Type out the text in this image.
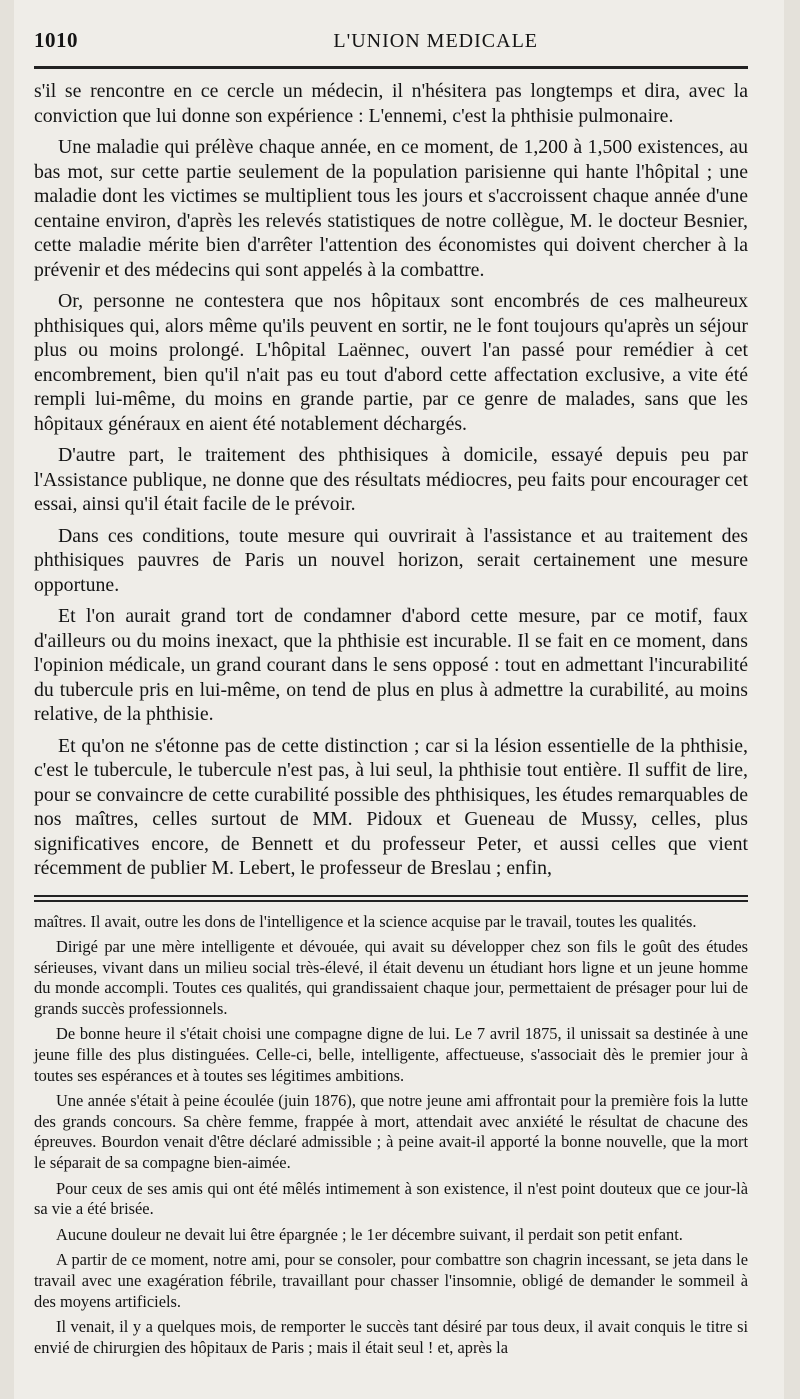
1010	L'UNION MEDICALE

s'il se rencontre en ce cercle un médecin, il n'hésitera pas longtemps et dira, avec la conviction que lui donne son expérience : L'ennemi, c'est la phthisie pulmonaire.

Une maladie qui prélève chaque année, en ce moment, de 1,200 à 1,500 existences, au bas mot, sur cette partie seulement de la population parisienne qui hante l'hôpital ; une maladie dont les victimes se multiplient tous les jours et s'accroissent chaque année d'une centaine environ, d'après les relevés statistiques de notre collègue, M. le docteur Besnier, cette maladie mérite bien d'arrêter l'attention des économistes qui doivent chercher à la prévenir et des médecins qui sont appelés à la combattre.

Or, personne ne contestera que nos hôpitaux sont encombrés de ces malheureux phthisiques qui, alors même qu'ils peuvent en sortir, ne le font toujours qu'après un séjour plus ou moins prolongé. L'hôpital Laënnec, ouvert l'an passé pour remédier à cet encombrement, bien qu'il n'ait pas eu tout d'abord cette affectation exclusive, a vite été rempli lui-même, du moins en grande partie, par ce genre de malades, sans que les hôpitaux généraux en aient été notablement déchargés.

D'autre part, le traitement des phthisiques à domicile, essayé depuis peu par l'Assistance publique, ne donne que des résultats médiocres, peu faits pour encourager cet essai, ainsi qu'il était facile de le prévoir.

Dans ces conditions, toute mesure qui ouvrirait à l'assistance et au traitement des phthisiques pauvres de Paris un nouvel horizon, serait certainement une mesure opportune.

Et l'on aurait grand tort de condamner d'abord cette mesure, par ce motif, faux d'ailleurs ou du moins inexact, que la phthisie est incurable. Il se fait en ce moment, dans l'opinion médicale, un grand courant dans le sens opposé : tout en admettant l'incurabilité du tubercule pris en lui-même, on tend de plus en plus à admettre la curabilité, au moins relative, de la phthisie.

Et qu'on ne s'étonne pas de cette distinction ; car si la lésion essentielle de la phthisie, c'est le tubercule, le tubercule n'est pas, à lui seul, la phthisie tout entière. Il suffit de lire, pour se convaincre de cette curabilité possible des phthisiques, les études remarquables de nos maîtres, celles surtout de MM. Pidoux et Gueneau de Mussy, celles, plus significatives encore, de Bennett et du professeur Peter, et aussi celles que vient récemment de publier M. Lebert, le professeur de Breslau ; enfin,

maîtres. Il avait, outre les dons de l'intelligence et la science acquise par le travail, toutes les qualités.

Dirigé par une mère intelligente et dévouée, qui avait su développer chez son fils le goût des études sérieuses, vivant dans un milieu social très-élevé, il était devenu un étudiant hors ligne et un jeune homme du monde accompli. Toutes ces qualités, qui grandissaient chaque jour, permettaient de présager pour lui de grands succès professionnels.

De bonne heure il s'était choisi une compagne digne de lui. Le 7 avril 1875, il unissait sa destinée à une jeune fille des plus distinguées. Celle-ci, belle, intelligente, affectueuse, s'associait dès le premier jour à toutes ses espérances et à toutes ses légitimes ambitions.

Une année s'était à peine écoulée (juin 1876), que notre jeune ami affrontait pour la première fois la lutte des grands concours. Sa chère femme, frappée à mort, attendait avec anxiété le résultat de chacune des épreuves. Bourdon venait d'être déclaré admissible ; à peine avait-il apporté la bonne nouvelle, que la mort le séparait de sa compagne bien-aimée.

Pour ceux de ses amis qui ont été mêlés intimement à son existence, il n'est point douteux que ce jour-là sa vie a été brisée.

Aucune douleur ne devait lui être épargnée ; le 1er décembre suivant, il perdait son petit enfant.

A partir de ce moment, notre ami, pour se consoler, pour combattre son chagrin incessant, se jeta dans le travail avec une exagération fébrile, travaillant pour chasser l'insomnie, obligé de demander le sommeil à des moyens artificiels.

Il venait, il y a quelques mois, de remporter le succès tant désiré par tous deux, il avait conquis le titre si envié de chirurgien des hôpitaux de Paris ; mais il était seul ! et, après la
